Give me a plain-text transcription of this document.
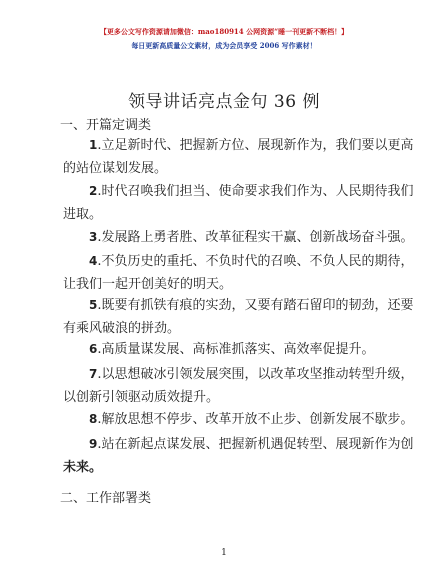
【更多公文写作资源请加微信：mao180914 公网资源“睡一刊更新不断档！】
每日更新高质量公文素材，成为会员享受 2006 写作素材！
领导讲话亮点金句 36 例
一、开篇定调类
1.立足新时代、把握新方位、展现新作为，我们要以更高
的站位谋划发展。
2.时代召唤我们担当、使命要求我们作为、人民期待我们
进取。
3.发展路上勇者胜、改革征程实干赢、创新战场奋斗强。
4.不负历史的重托、不负时代的召唤、不负人民的期待，
让我们一起开创美好的明天。
5.既要有抓铁有痕的实劲，又要有踏石留印的韧劲，还要
有乘风破浪的拼劲。
6.高质量谋发展、高标准抓落实、高效率促提升。
7.以思想破冰引领发展突围，以改革攻坚推动转型升级，
以创新引领驱动质效提升。
8.解放思想不停步、改革开放不止步、创新发展不歇步。
9.站在新起点谋发展、把握新机遇促转型、展现新作为创
未来。
二、工作部署类
1
